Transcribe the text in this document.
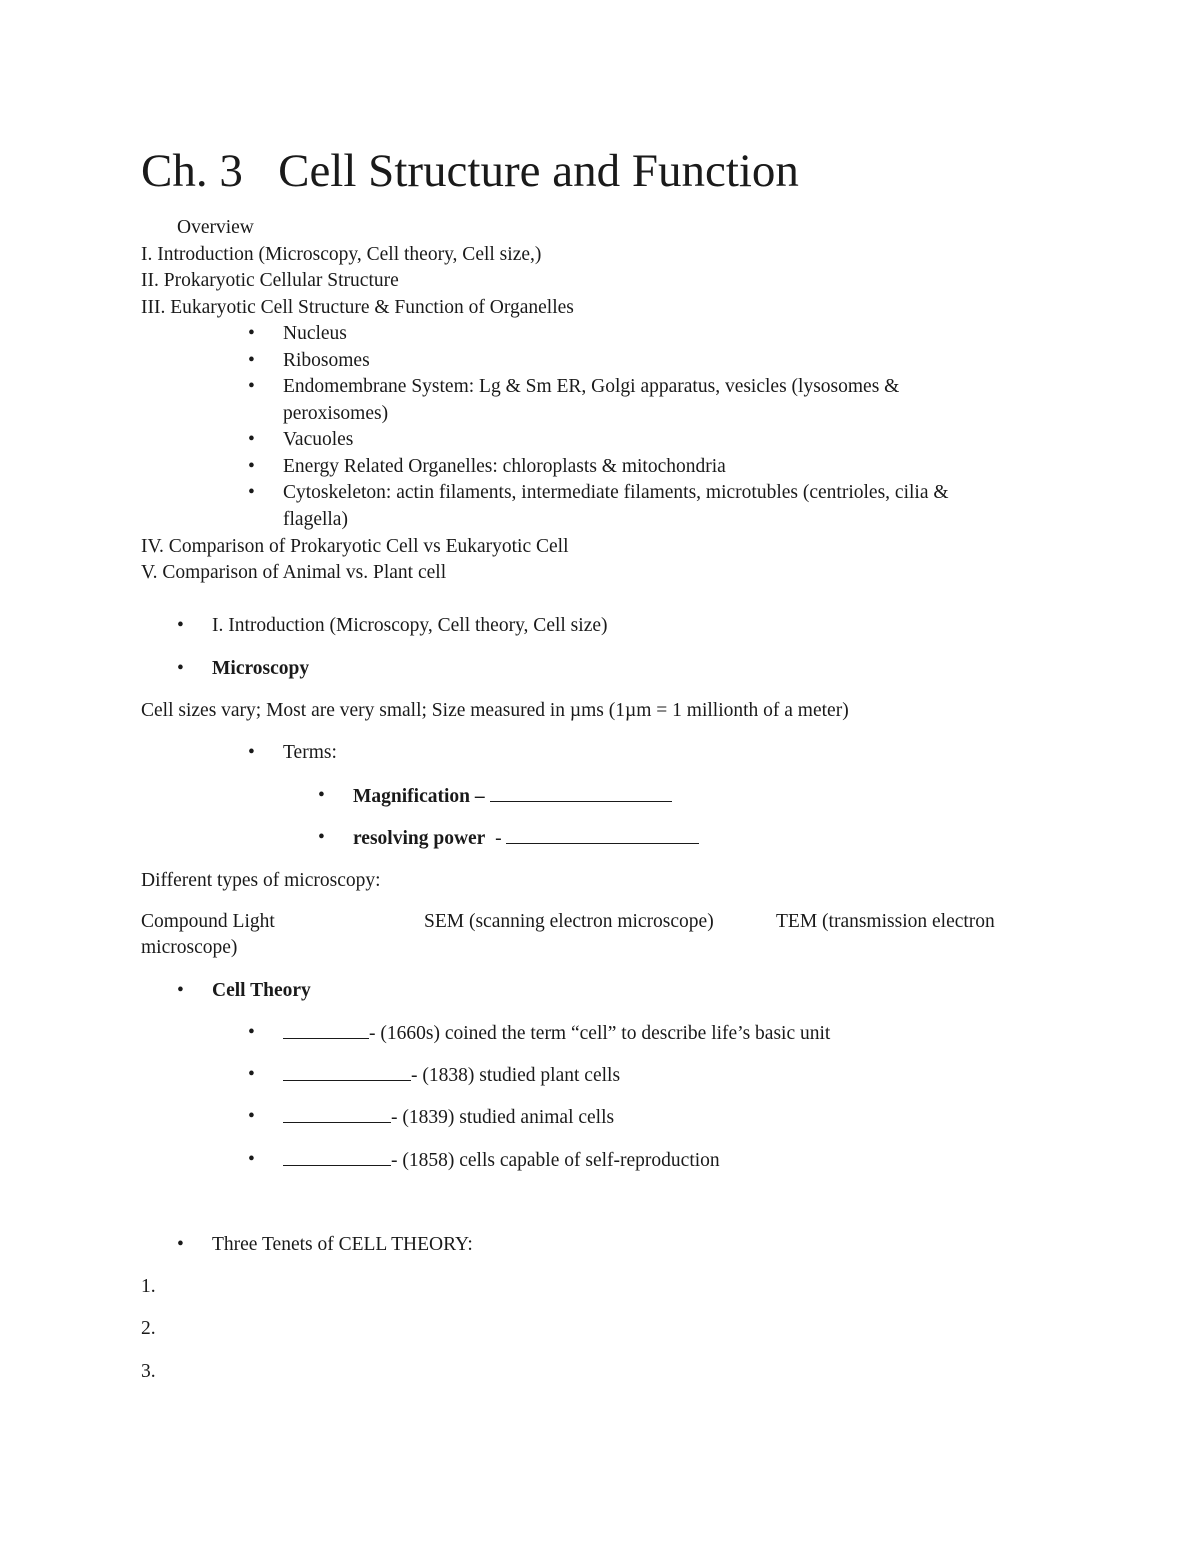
Ch. 3   Cell Structure and Function
Overview
I. Introduction (Microscopy, Cell theory, Cell size,)
II. Prokaryotic Cellular Structure
III. Eukaryotic Cell Structure & Function of Organelles
• Nucleus
• Ribosomes
• Endomembrane System: Lg & Sm ER, Golgi apparatus, vesicles (lysosomes &
peroxisomes)
• Vacuoles
• Energy Related Organelles: chloroplasts & mitochondria
• Cytoskeleton: actin filaments, intermediate filaments, microtubles (centrioles, cilia &
flagella)
IV. Comparison of Prokaryotic Cell vs Eukaryotic Cell
V. Comparison of Animal vs. Plant cell
• I. Introduction (Microscopy, Cell theory, Cell size)
• Microscopy
Cell sizes vary; Most are very small; Size measured in µms (1µm = 1 millionth of a meter)
• Terms:
• Magnification –
• resolving power  -
Different types of microscopy:
Compound Light	SEM (scanning electron microscope)	TEM (transmission electron
microscope)
• Cell Theory
•	- (1660s) coined the term “cell” to describe life’s basic unit
•	- (1838) studied plant cells
•	- (1839) studied animal cells
•	- (1858) cells capable of self-reproduction
• Three Tenets of CELL THEORY:
1.
2.
3.
